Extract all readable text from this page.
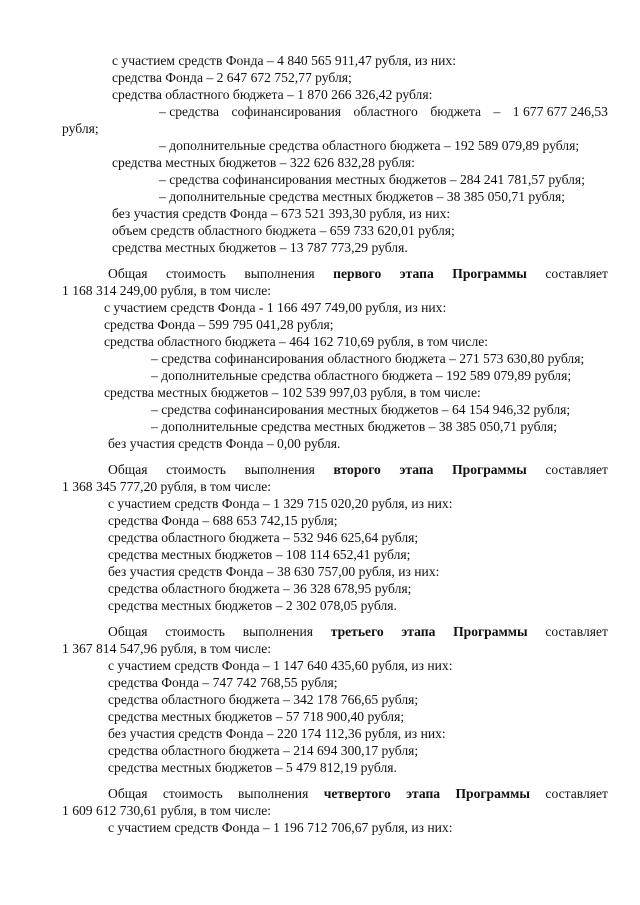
с участием средств Фонда – 4 840 565 911,47 рубля, из них:
средства Фонда – 2 647 672 752,77 рубля;
средства областного бюджета – 1 870 266 326,42 рубля:
– средства софинансирования областного бюджета – 1 677 677 246,53
рубля;
– дополнительные средства областного бюджета – 192 589 079,89 рубля;
средства местных бюджетов – 322 626 832,28 рубля:
– средства софинансирования местных бюджетов – 284 241 781,57 рубля;
– дополнительные средства местных бюджетов – 38 385 050,71 рубля;
без участия средств Фонда – 673 521 393,30 рубля, из них:
объем средств областного бюджета – 659 733 620,01 рубля;
средства местных бюджетов – 13 787 773,29 рубля.
Общая стоимость выполнения первого этапа Программы составляет
1 168 314 249,00 рубля, в том числе:
с участием средств Фонда - 1 166 497 749,00 рубля, из них:
средства Фонда – 599 795 041,28 рубля;
средства областного бюджета – 464 162 710,69 рубля, в том числе:
– средства софинансирования областного бюджета – 271 573 630,80 рубля;
– дополнительные средства областного бюджета – 192 589 079,89 рубля;
средства местных бюджетов – 102 539 997,03 рубля, в том числе:
– средства софинансирования местных бюджетов – 64 154 946,32 рубля;
– дополнительные средства местных бюджетов – 38 385 050,71 рубля;
без участия средств Фонда – 0,00 рубля.
Общая стоимость выполнения второго этапа Программы составляет
1 368 345 777,20 рубля, в том числе:
с участием средств Фонда – 1 329 715 020,20 рубля, из них:
средства Фонда – 688 653 742,15 рубля;
средства областного бюджета – 532 946 625,64 рубля;
средства местных бюджетов – 108 114 652,41 рубля;
без участия средств Фонда – 38 630 757,00 рубля, из них:
средства областного бюджета – 36 328 678,95 рубля;
средства местных бюджетов – 2 302 078,05 рубля.
Общая стоимость выполнения третьего этапа Программы составляет
1 367 814 547,96 рубля, в том числе:
с участием средств Фонда – 1 147 640 435,60 рубля, из них:
средства Фонда – 747 742 768,55 рубля;
средства областного бюджета – 342 178 766,65 рубля;
средства местных бюджетов – 57 718 900,40 рубля;
без участия средств Фонда – 220 174 112,36 рубля, из них:
средства областного бюджета – 214 694 300,17 рубля;
средства местных бюджетов – 5 479 812,19 рубля.
Общая стоимость выполнения четвертого этапа Программы составляет
1 609 612 730,61 рубля, в том числе:
с участием средств Фонда – 1 196 712 706,67 рубля, из них:
